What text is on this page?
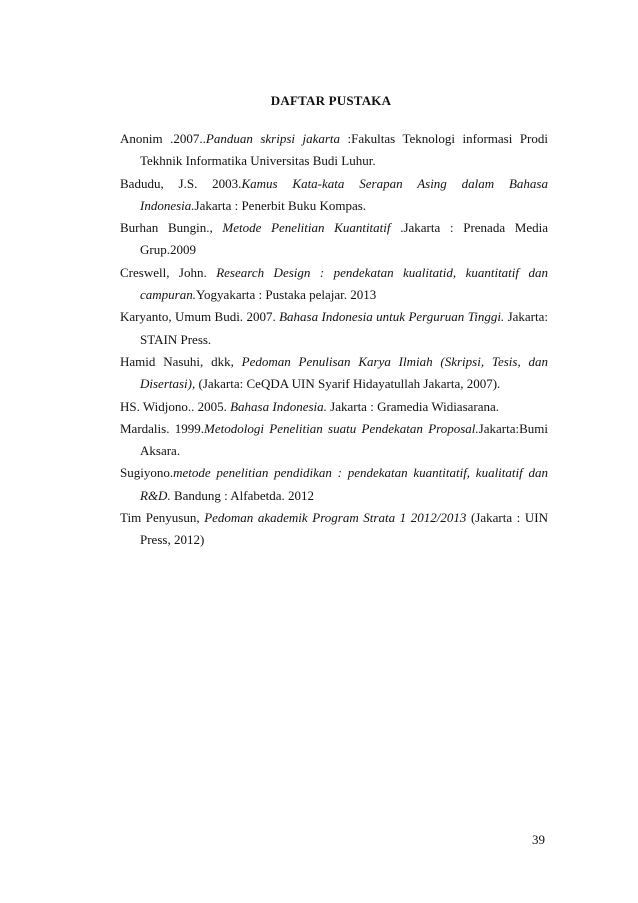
DAFTAR PUSTAKA
Anonim .2007..Panduan skripsi jakarta :Fakultas Teknologi informasi Prodi Tekhnik Informatika Universitas Budi Luhur.
Badudu, J.S. 2003.Kamus Kata-kata Serapan Asing dalam Bahasa Indonesia.Jakarta : Penerbit Buku Kompas.
Burhan Bungin., Metode Penelitian Kuantitatif .Jakarta : Prenada Media Grup.2009
Creswell, John. Research Design : pendekatan kualitatid, kuantitatif dan campuran.Yogyakarta : Pustaka pelajar. 2013
Karyanto, Umum Budi. 2007. Bahasa Indonesia untuk Perguruan Tinggi. Jakarta: STAIN Press.
Hamid Nasuhi, dkk, Pedoman Penulisan Karya Ilmiah (Skripsi, Tesis, dan Disertasi), (Jakarta: CeQDA UIN Syarif Hidayatullah Jakarta, 2007).
HS. Widjono.. 2005. Bahasa Indonesia. Jakarta : Gramedia Widiasarana.
Mardalis. 1999.Metodologi Penelitian suatu Pendekatan Proposal.Jakarta:Bumi Aksara.
Sugiyono.metode penelitian pendidikan : pendekatan kuantitatif, kualitatif dan R&D. Bandung : Alfabetda. 2012
Tim Penyusun, Pedoman akademik Program Strata 1 2012/2013 (Jakarta : UIN Press, 2012)
39
